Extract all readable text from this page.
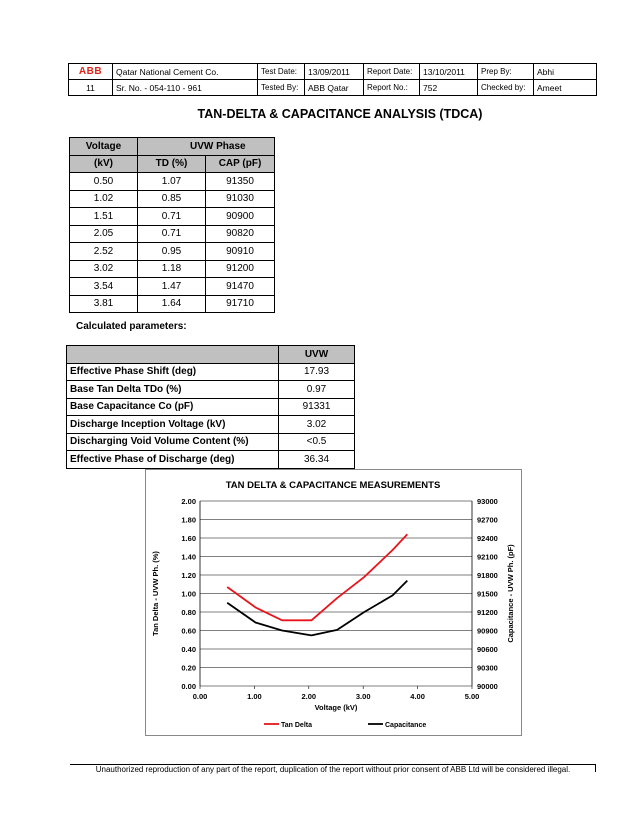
ABB	Qatar National Cement Co.	Test Date:	13/09/2011	Report Date:	13/10/2011	Prep By:	Abhi
11	Sr. No. - 054-110 - 961	Tested By:	ABB Qatar	Report No.:	752	Checked by:	Ameet
TAN-DELTA & CAPACITANCE ANALYSIS (TDCA)
Voltage	UVW Phase	
(kV)	TD (%)	CAP (pF)
0.50	1.07	91350
1.02	0.85	91030
1.51	0.71	90900
2.05	0.71	90820
2.52	0.95	90910
3.02	1.18	91200
3.54	1.47	91470
3.81	1.64	91710
Calculated parameters:
	UVW
Effective Phase Shift (deg)	17.93
Base Tan Delta TDo (%)	0.97
Base Capacitance Co (pF)	91331
Discharge Inception Voltage (kV)	3.02
Discharging Void Volume Content (%)	<0.5
Effective Phase of Discharge (deg)	36.34
TAN DELTA & CAPACITANCE MEASUREMENTS
0.00	90000
0.20	90300
0.40	90600
0.60	90900
0.80	91200
1.00	91500
1.20	91800
1.40	92100
1.60	92400
1.80	92700
2.00	93000
0.00	1.00	2.00	3.00	4.00	5.00
Voltage (kV)
Tan Delta - UVW Ph. (%)	Capacitance - UVW Ph. (pF)
Tan Delta	Capacitance
Unauthorized reproduction of any part of the report, duplication of the report without prior consent of ABB Ltd will be considered illegal.
